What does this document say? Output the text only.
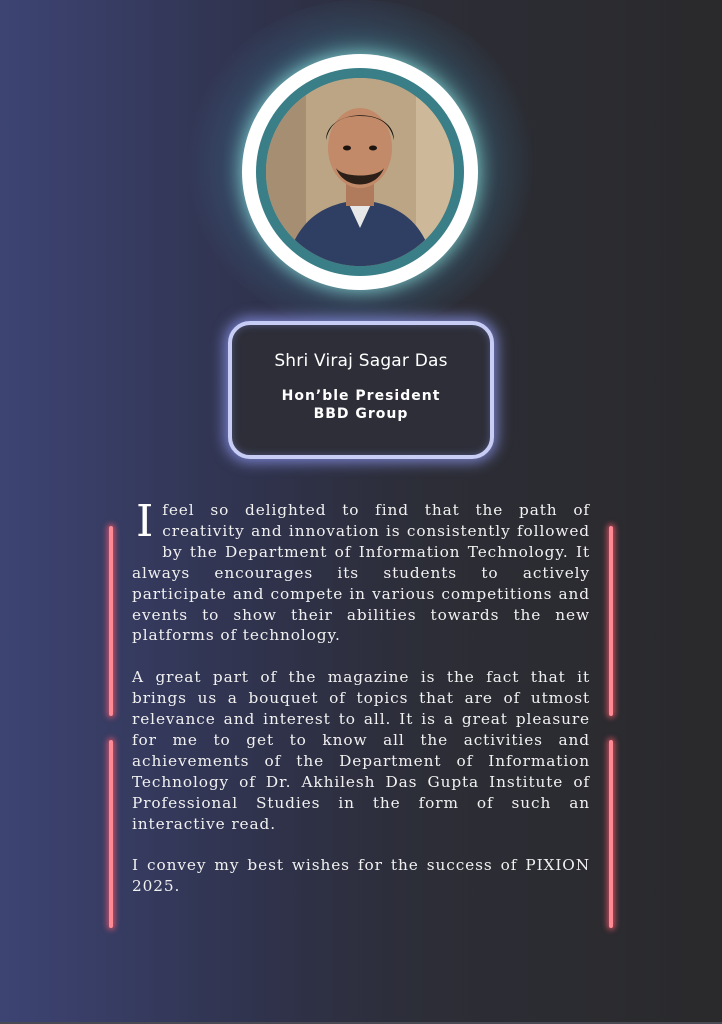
Shri Viraj Sagar Das
Hon’ble President
BBD Group

Ifeel so delighted to find that the path of creativity and innovation is consistently followed by the Department of Information Technology. It always encourages its students to actively participate and compete in various competitions and events to show their abilities towards the new platforms of technology.

A great part of the magazine is the fact that it brings us a bouquet of topics that are of utmost relevance and interest to all. It is a great pleasure for me to get to know all the activities and achievements of the Department of Information Technology of Dr. Akhilesh Das Gupta Institute of Professional Studies in the form of such an interactive read.

I convey my best wishes for the success of PIXION 2025.
